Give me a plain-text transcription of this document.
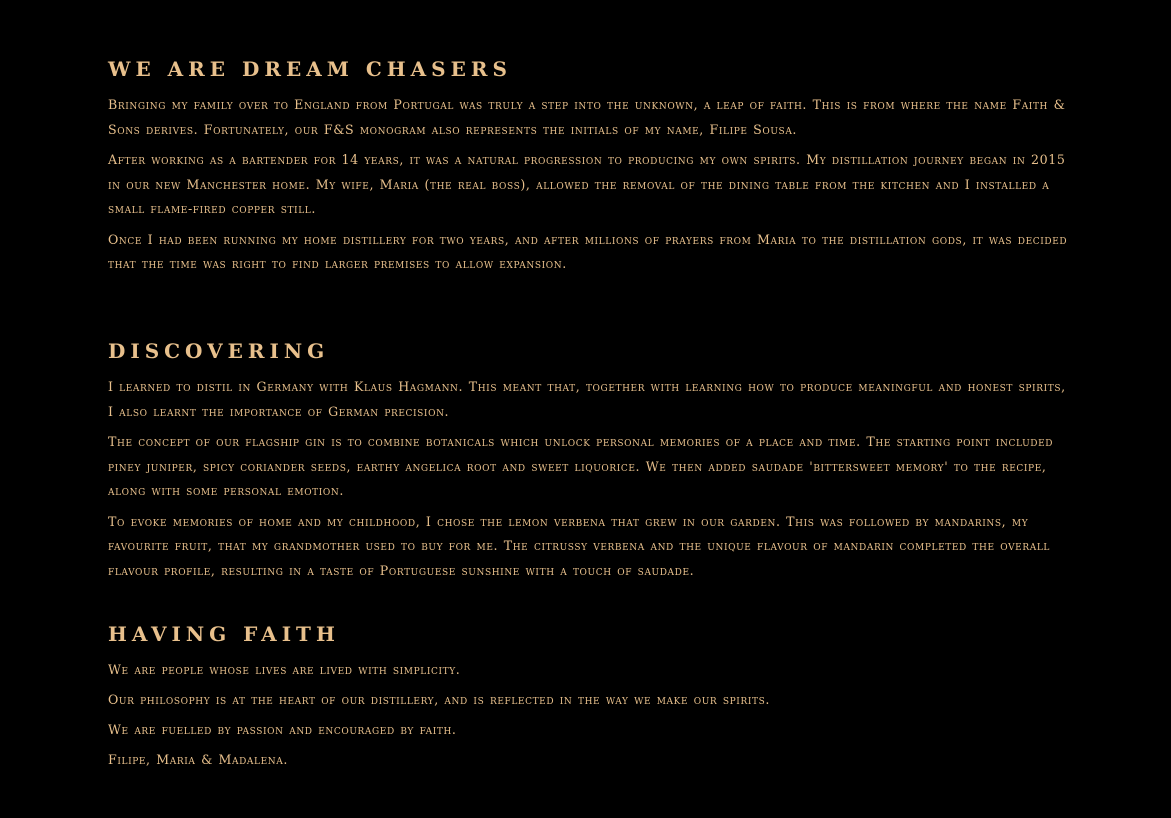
WE ARE DREAM CHASERS

Bringing my family over to England from Portugal was truly a step into the unknown, a leap of faith. This is from where the name Faith & Sons derives. Fortunately, our F&S monogram also represents the initials of my name, Filipe Sousa.

After working as a bartender for 14 years, it was a natural progression to producing my own spirits. My distillation journey began in 2015 in our new Manchester home. My wife, Maria (the real boss), allowed the removal of the dining table from the kitchen and I installed a small flame-fired copper still.

Once I had been running my home distillery for two years, and after millions of prayers from Maria to the distillation gods, it was decided that the time was right to find larger premises to allow expansion.

DISCOVERING

I learned to distil in Germany with Klaus Hagmann. This meant that, together with learning how to produce meaningful and honest spirits, I also learnt the importance of German precision.

The concept of our flagship gin is to combine botanicals which unlock personal memories of a place and time. The starting point included piney juniper, spicy coriander seeds, earthy angelica root and sweet liquorice. We then added saudade 'bittersweet memory' to the recipe, along with some personal emotion.

To evoke memories of home and my childhood, I chose the lemon verbena that grew in our garden. This was followed by mandarins, my favourite fruit, that my grandmother used to buy for me. The citrussy verbena and the unique flavour of mandarin completed the overall flavour profile, resulting in a taste of Portuguese sunshine with a touch of saudade.

HAVING FAITH

We are people whose lives are lived with simplicity.

Our philosophy is at the heart of our distillery, and is reflected in the way we make our spirits.

We are fuelled by passion and encouraged by faith.

Filipe, Maria & Madalena.
